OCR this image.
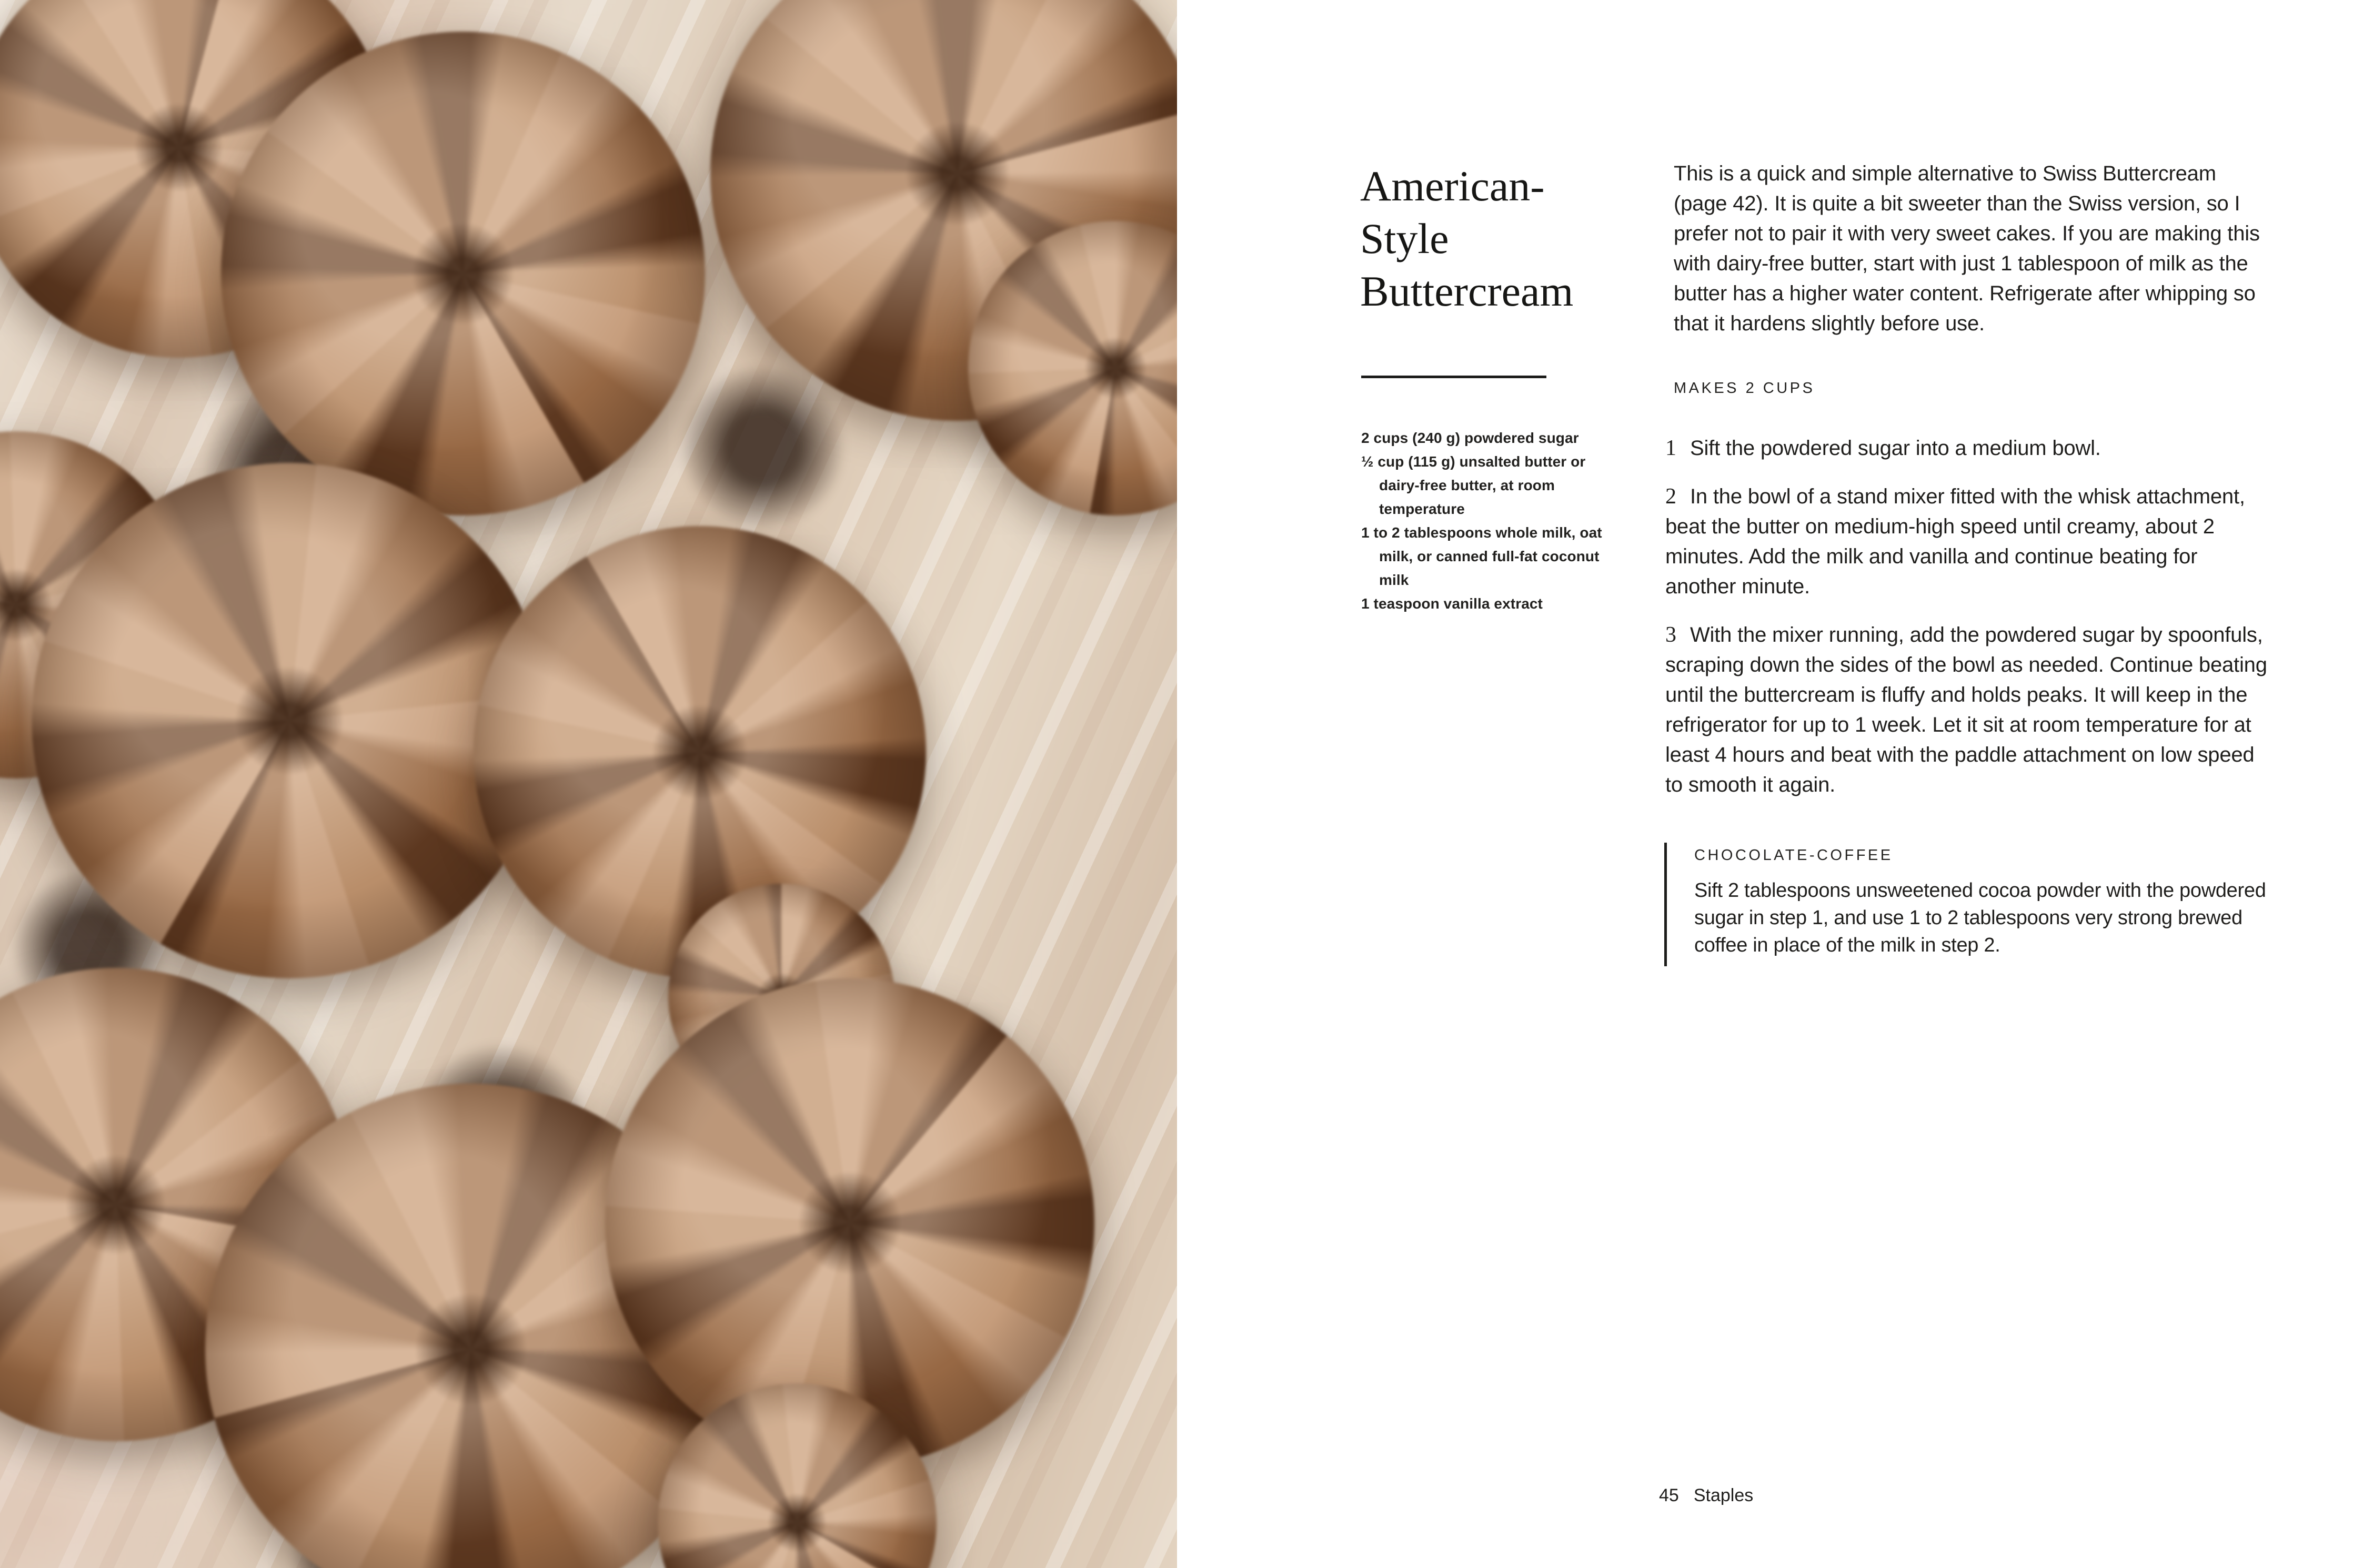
American-
Style
Buttercream
2 cups (240 g) powdered sugar
½ cup (115 g) unsalted butter or dairy-free butter, at room temperature
1 to 2 tablespoons whole milk, oat milk, or canned full-fat coconut milk
1 teaspoon vanilla extract

This is a quick and simple alternative to Swiss Buttercream (page 42). It is quite a bit sweeter than the Swiss version, so I prefer not to pair it with very sweet cakes. If you are making this with dairy-free butter, start with just 1 tablespoon of milk as the butter has a higher water content. Refrigerate after whipping so that it hardens slightly before use.

MAKES 2 CUPS
1 Sift the powdered sugar into a medium bowl.
2 In the bowl of a stand mixer fitted with the whisk attachment, beat the butter on medium-high speed until creamy, about 2 minutes. Add the milk and vanilla and continue beating for another minute.
3 With the mixer running, add the powdered sugar by spoonfuls, scraping down the sides of the bowl as needed. Continue beating until the buttercream is fluffy and holds peaks. It will keep in the refrigerator for up to 1 week. Let it sit at room temperature for at least 4 hours and beat with the paddle attachment on low speed to smooth it again.
CHOCOLATE-COFFEE

Sift 2 tablespoons unsweetened cocoa powder with the powdered sugar in step 1, and use 1 to 2 tablespoons very strong brewed coffee in place of the milk in step 2.

45 Staples
